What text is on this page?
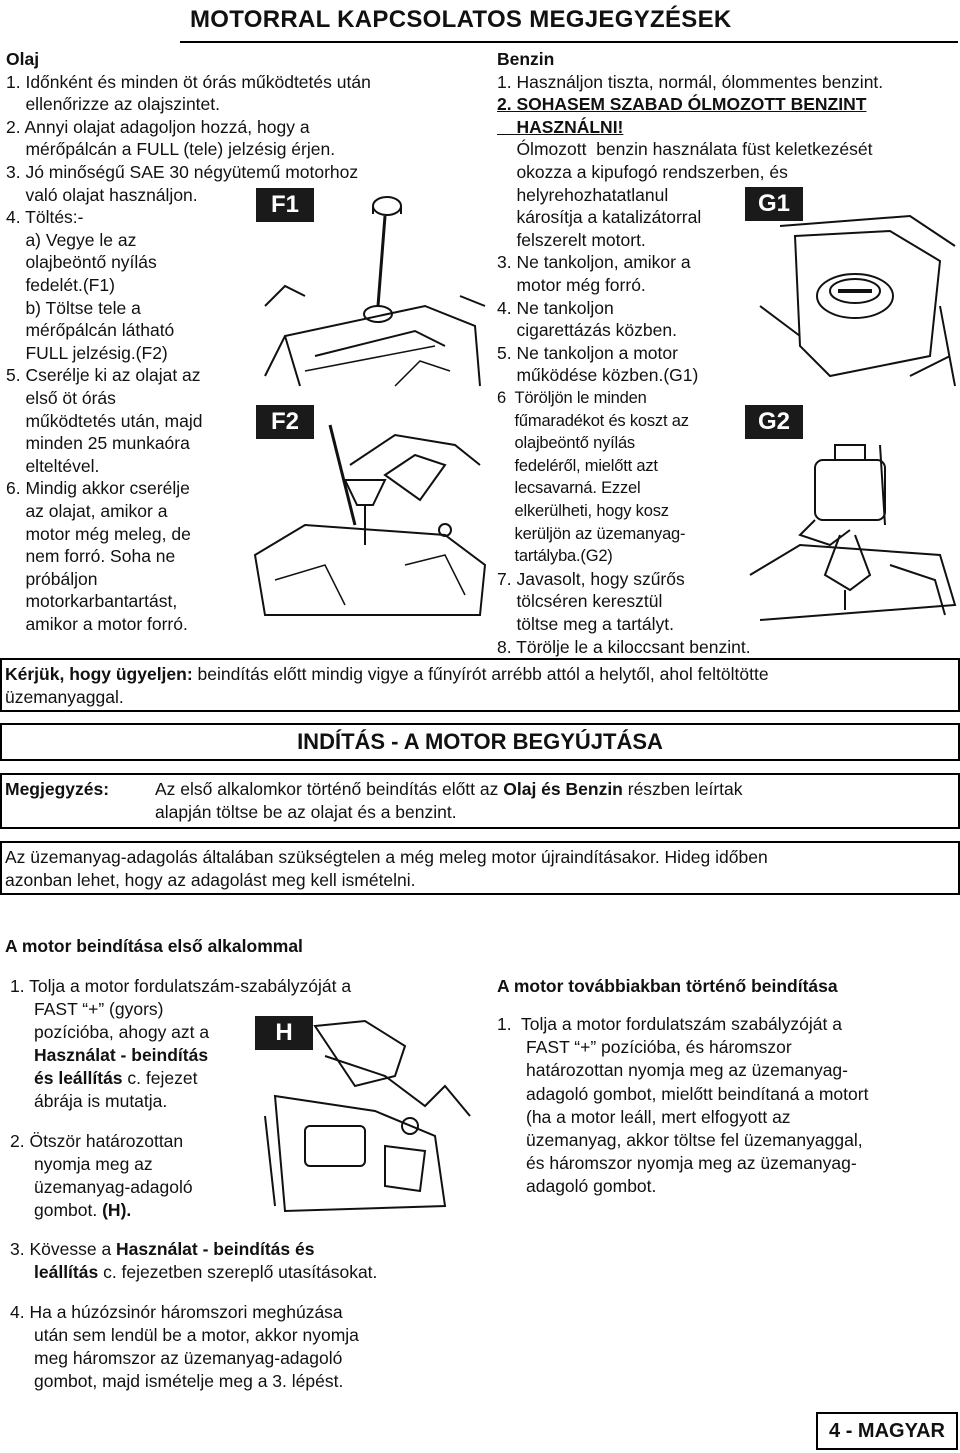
MOTORRAL KAPCSOLATOS MEGJEGYZÉSEK
Olaj
1. Időnként és minden öt órás működtetés után
ellenőrizze az olajszintet.
2. Annyi olajat adagoljon hozzá, hogy a
mérőpálcán a FULL (tele) jelzésig érjen.
3. Jó minőségű SAE 30 négyütemű motorhoz
való olajat használjon.
4. Töltés:-
a) Vegye le az
olajbeöntő nyílás
fedelét.(F1)
b) Töltse tele a
mérőpálcán látható
FULL jelzésig.(F2)
5. Cserélje ki az olajat az
első öt órás
működtetés után, majd
minden 25 munkaóra
elteltével.
6. Mindig akkor cserélje
az olajat, amikor a
motor még meleg, de
nem forró. Soha ne
próbáljon
motorkarbantartást,
amikor a motor forró.
F1
F2
Benzin
1. Használjon tiszta, normál, ólommentes benzint.
2. SOHASEM SZABAD ÓLMOZOTT BENZINT
HASZNÁLNI!
Ólmozott  benzin használata füst keletkezését
okozza a kipufogó rendszerben, és
helyrehozhatatlanul
károsítja a katalizátorral
felszerelt motort.
3. Ne tankoljon, amikor a
motor még forró.
4. Ne tankoljon
cigarettázás közben.
5. Ne tankoljon a motor
működése közben.(G1)
6  Töröljön le minden
fűmaradékot és koszt az
olajbeöntő nyílás
fedeléről, mielőtt azt
lecsavarná. Ezzel
elkerülheti, hogy kosz
kerüljön az üzemanyag-
tartályba.(G2)
7. Javasolt, hogy szűrős
tölcséren keresztül
töltse meg a tartályt.
8. Törölje le a kiloccsant benzint.
G1
G2
Kérjük, hogy ügyeljen: beindítás előtt mindig vigye a fűnyírót arrébb attól a helytől, ahol feltöltötte
üzemanyaggal.
INDÍTÁS - A MOTOR BEGYÚJTÁSA
Megjegyzés:	Az első alkalomkor történő beindítás előtt az Olaj és Benzin részben leírtak
alapján töltse be az olajat és a benzint.
Az üzemanyag-adagolás általában szükségtelen a még meleg motor újraindításakor. Hideg időben
azonban lehet, hogy az adagolást meg kell ismételni.
A motor beindítása első alkalommal
1. Tolja a motor fordulatszám-szabályzóját a
FAST “+” (gyors)
pozícióba, ahogy azt a
Használat - beindítás
és leállítás c. fejezet
ábrája is mutatja.
2. Ötször határozottan
nyomja meg az
üzemanyag-adagoló
gombot. (H).
H
3. Kövesse a Használat - beindítás és
leállítás c. fejezetben szereplő utasításokat.
4. Ha a húzózsinór háromszori meghúzása
után sem lendül be a motor, akkor nyomja
meg háromszor az üzemanyag-adagoló
gombot, majd ismételje meg a 3. lépést.
A motor továbbiakban történő beindítása
1.  Tolja a motor fordulatszám szabályzóját a
FAST “+” pozícióba, és háromszor
határozottan nyomja meg az üzemanyag-
adagoló gombot, mielőtt beindítaná a motort
(ha a motor leáll, mert elfogyott az
üzemanyag, akkor töltse fel üzemanyaggal,
és háromszor nyomja meg az üzemanyag-
adagoló gombot.
4 - MAGYAR
